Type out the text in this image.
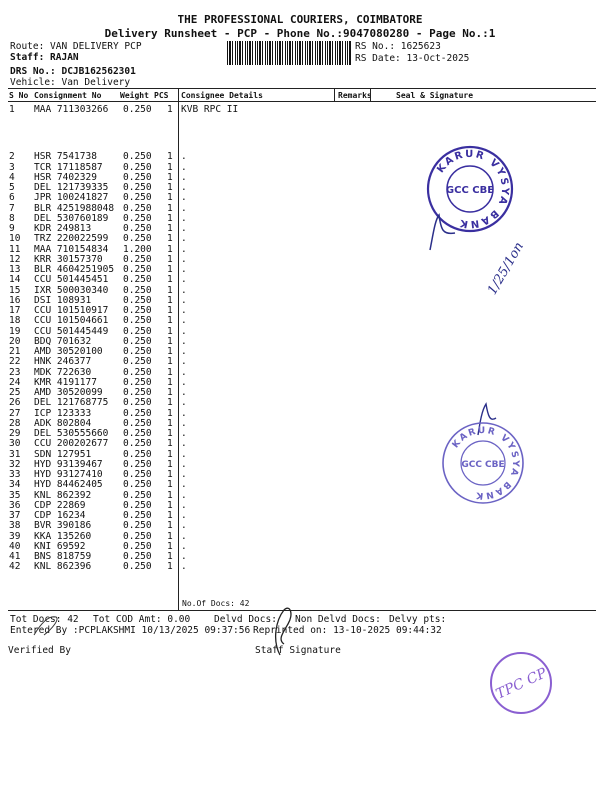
THE PROFESSIONAL COURIERS, COIMBATORE
Delivery Runsheet - PCP - Phone No.:9047080280 - Page No.:1
Route: VAN DELIVERY PCP
Staff: RAJAN
DRS No.: DCJB162562301
Vehicle: Van Delivery
RS No.: 1625623
RS Date: 13-Oct-2025
S No Consignment No Weight PCS Consignee Details	Remarks	Seal & Signature
1 MAA 711303266 0.250 1 KVB RPC II
2 HSR 7541738	0.250 1 .
3 TCR 17118587 0.250 1 .
4 HSR 7402329	0.250 1 .
5 DEL 121739335 0.250 1 .
6 JPR 100241827 0.250 1 .
7 BLR 4251988048 0.250 1 .
8 DEL 530760189 0.250 1 .
9 KDR 249813	0.250 1 .
10 TRZ 220022599 0.250 1 .
11 MAA 710154834 1.200 1 .
12 KRR 30157370 0.250 1 .
13 BLR 4604251905 0.250 1 .
14 CCU 501445451 0.250 1 .
15 IXR 500030340 0.250 1 .
16 DSI 108931	0.250 1 .
17 CCU 101510917 0.250 1 .
18 CCU 101504661 0.250 1 .
19 CCU 501445449 0.250 1 .
20 BDQ 701632	0.250 1 .
21 AMD 30520100 0.250 1 .
22 HNK 246377	0.250 1 .
23 MDK 722630	0.250 1 .
24 KMR 4191177	0.250 1 .
25 AMD 30520099 0.250 1 .
26 DEL 121768775 0.250 1 .
27 ICP 123333	0.250 1 .
28 ADK 802804	0.250 1 .
29 DEL 530555660 0.250 1 .
30 CCU 200202677 0.250 1 .
31 SDN 127951	0.250 1 .
32 HYD 93139467 0.250 1 .
33 HYD 93127410 0.250 1 .
34 HYD 84462405 0.250 1 .
35 KNL 862392	0.250 1 .
36 CDP 22869	0.250 1 .
37 CDP 16234	0.250 1 .
38 BVR 390186	0.250 1 .
39 KKA 135260	0.250 1 .
40 KNI 69592	0.250 1 .
41 BNS 818759	0.250 1 .
42 KNL 862396	0.250 1 .
No.Of Docs: 42
Tot Docs: 42 Tot COD Amt: 0.00	Delvd Docs: Non Delvd Docs: Delvy pts:
Entered By :PCPLAKSHMI 10/13/2025 09:37:56 Reprinted on: 13-10-2025 09:44:32
Verified By	Staff Signature
KARUR VYSYA BANK
GCC CBE
1/25/1on
KARUR VYSYA BANK
GCC CBE
TPC CP
